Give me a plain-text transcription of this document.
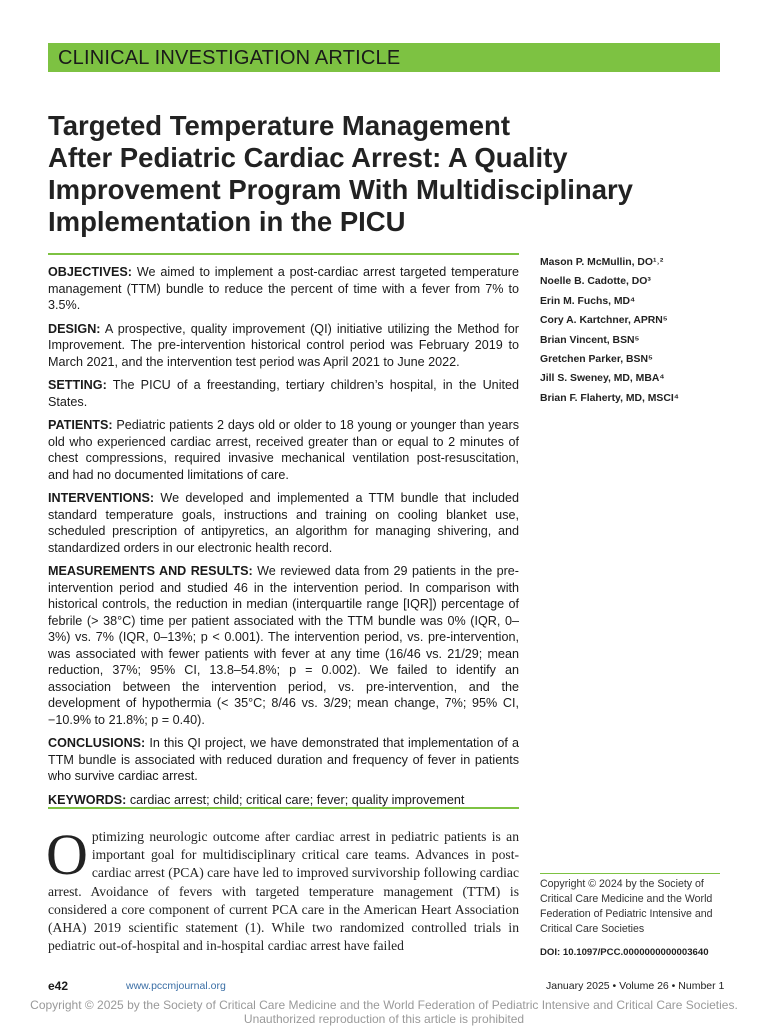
CLINICAL INVESTIGATION ARTICLE
Targeted Temperature Management
After Pediatric Cardiac Arrest: A Quality
Improvement Program With Multidisciplinary
Implementation in the PICU
OBJECTIVES: We aimed to implement a post-cardiac arrest targeted temperature management (TTM) bundle to reduce the percent of time with a fever from 7% to 3.5%.
DESIGN: A prospective, quality improvement (QI) initiative utilizing the Method for Improvement. The pre-intervention historical control period was February 2019 to March 2021, and the intervention test period was April 2021 to June 2022.
SETTING: The PICU of a freestanding, tertiary children’s hospital, in the United States.
PATIENTS: Pediatric patients 2 days old or older to 18 young or younger than years old who experienced cardiac arrest, received greater than or equal to 2 minutes of chest compressions, required invasive mechanical ventilation post-resuscitation, and had no documented limitations of care.
INTERVENTIONS: We developed and implemented a TTM bundle that included standard temperature goals, instructions and training on cooling blanket use, scheduled prescription of antipyretics, an algorithm for managing shivering, and standardized orders in our electronic health record.
MEASUREMENTS AND RESULTS: We reviewed data from 29 patients in the pre-intervention period and studied 46 in the intervention period. In comparison with historical controls, the reduction in median (interquartile range [IQR]) percentage of febrile (> 38°C) time per patient associated with the TTM bundle was 0% (IQR, 0–3%) vs. 7% (IQR, 0–13%; p < 0.001). The intervention period, vs. pre-intervention, was associated with fewer patients with fever at any time (16/46 vs. 21/29; mean reduction, 37%; 95% CI, 13.8–54.8%; p = 0.002). We failed to identify an association between the intervention period, vs. pre-intervention, and the development of hypothermia (< 35°C; 8/46 vs. 3/29; mean change, 7%; 95% CI, −10.9% to 21.8%; p = 0.40).
CONCLUSIONS: In this QI project, we have demonstrated that implementation of a TTM bundle is associated with reduced duration and frequency of fever in patients who survive cardiac arrest.
KEYWORDS: cardiac arrest; child; critical care; fever; quality improvement
Mason P. McMullin, DO¹˒²
Noelle B. Cadotte, DO³
Erin M. Fuchs, MD⁴
Cory A. Kartchner, APRN⁵
Brian Vincent, BSN⁵
Gretchen Parker, BSN⁵
Jill S. Sweney, MD, MBA⁴
Brian F. Flaherty, MD, MSCI⁴
Optimizing neurologic outcome after cardiac arrest in pediatric patients is an important goal for multidisciplinary critical care teams. Advances in post-cardiac arrest (PCA) care have led to improved survivorship following cardiac arrest. Avoidance of fevers with targeted temperature management (TTM) is considered a core component of current PCA care in the American Heart Association (AHA) 2019 scientific statement (1). While two randomized controlled trials in pediatric out-of-hospital and in-hospital cardiac arrest have failed
Copyright © 2024 by the Society of Critical Care Medicine and the World Federation of Pediatric Intensive and Critical Care Societies
DOI: 10.1097/PCC.0000000000003640
e42	www.pccmjournal.org	January 2025 • Volume 26 • Number 1
Copyright © 2025 by the Society of Critical Care Medicine and the World Federation of Pediatric Intensive and Critical Care Societies.
Unauthorized reproduction of this article is prohibited
